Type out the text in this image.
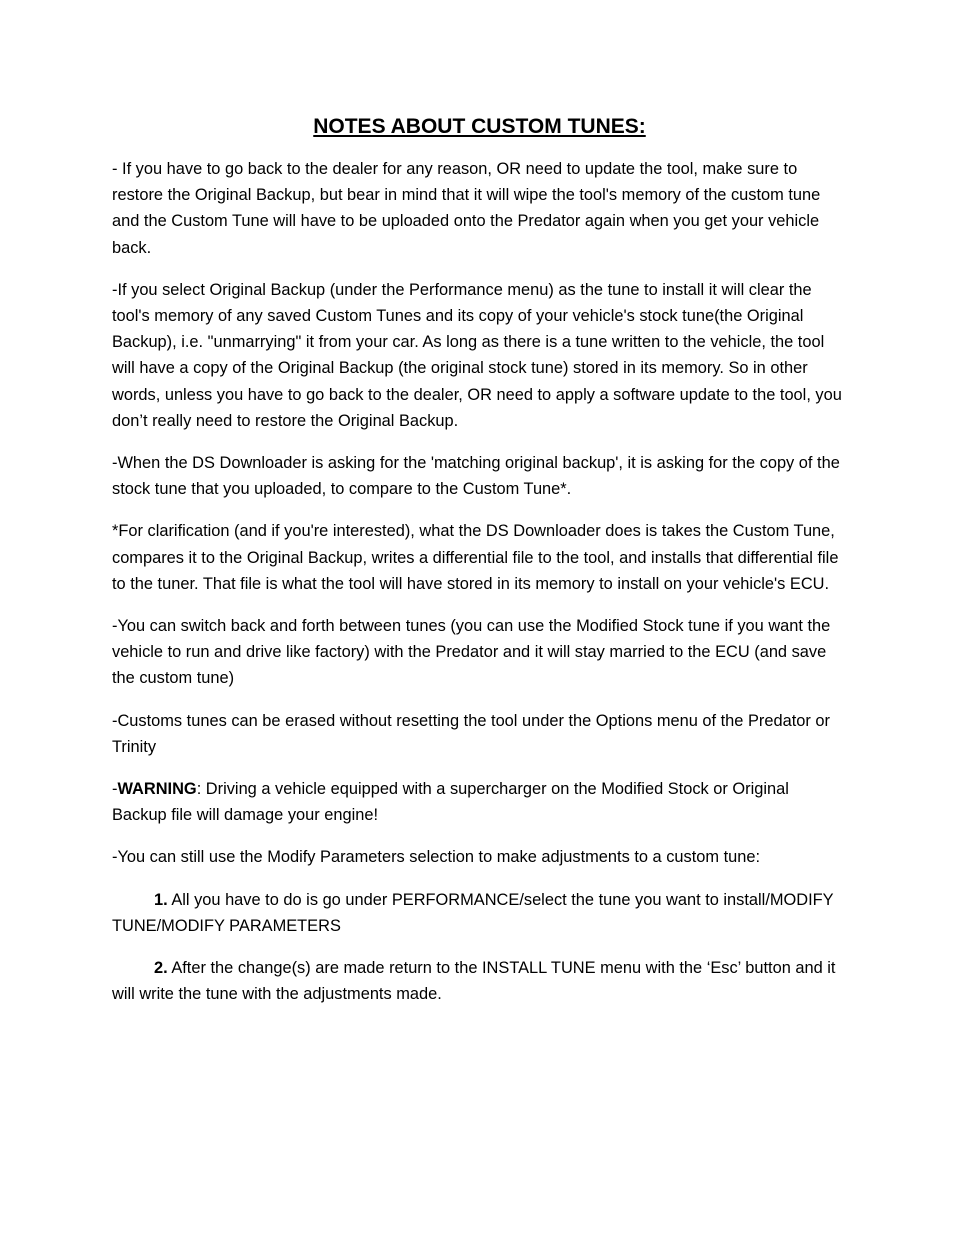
NOTES ABOUT CUSTOM TUNES:

- If you have to go back to the dealer for any reason, OR need to update the tool, make sure to restore the Original Backup, but bear in mind that it will wipe the tool's memory of the custom tune and the Custom Tune will have to be uploaded onto the Predator again when you get your vehicle back.

-If you select Original Backup (under the Performance menu) as the tune to install it will clear the tool's memory of any saved Custom Tunes and its copy of your vehicle's stock tune(the Original Backup), i.e. "unmarrying" it from your car. As long as there is a tune written to the vehicle, the tool will have a copy of the Original Backup (the original stock tune) stored in its memory. So in other words, unless you have to go back to the dealer, OR need to apply a software update to the tool, you don’t really need to restore the Original Backup.

-When the DS Downloader is asking for the 'matching original backup', it is asking for the copy of the stock tune that you uploaded, to compare to the Custom Tune*.

*For clarification (and if you're interested), what the DS Downloader does is takes the Custom Tune, compares it to the Original Backup, writes a differential file to the tool, and installs that differential file to the tuner. That file is what the tool will have stored in its memory to install on your vehicle's ECU.

-You can switch back and forth between tunes (you can use the Modified Stock tune if you want the vehicle to run and drive like factory) with the Predator and it will stay married to the ECU (and save the custom tune)

-Customs tunes can be erased without resetting the tool under the Options menu of the Predator or Trinity

-WARNING: Driving a vehicle equipped with a supercharger on the Modified Stock or Original Backup file will damage your engine!

-You can still use the Modify Parameters selection to make adjustments to a custom tune:

1. All you have to do is go under PERFORMANCE/select the tune you want to install/MODIFY TUNE/MODIFY PARAMETERS

2. After the change(s) are made return to the INSTALL TUNE menu with the ‘Esc’ button and it will write the tune with the adjustments made.
